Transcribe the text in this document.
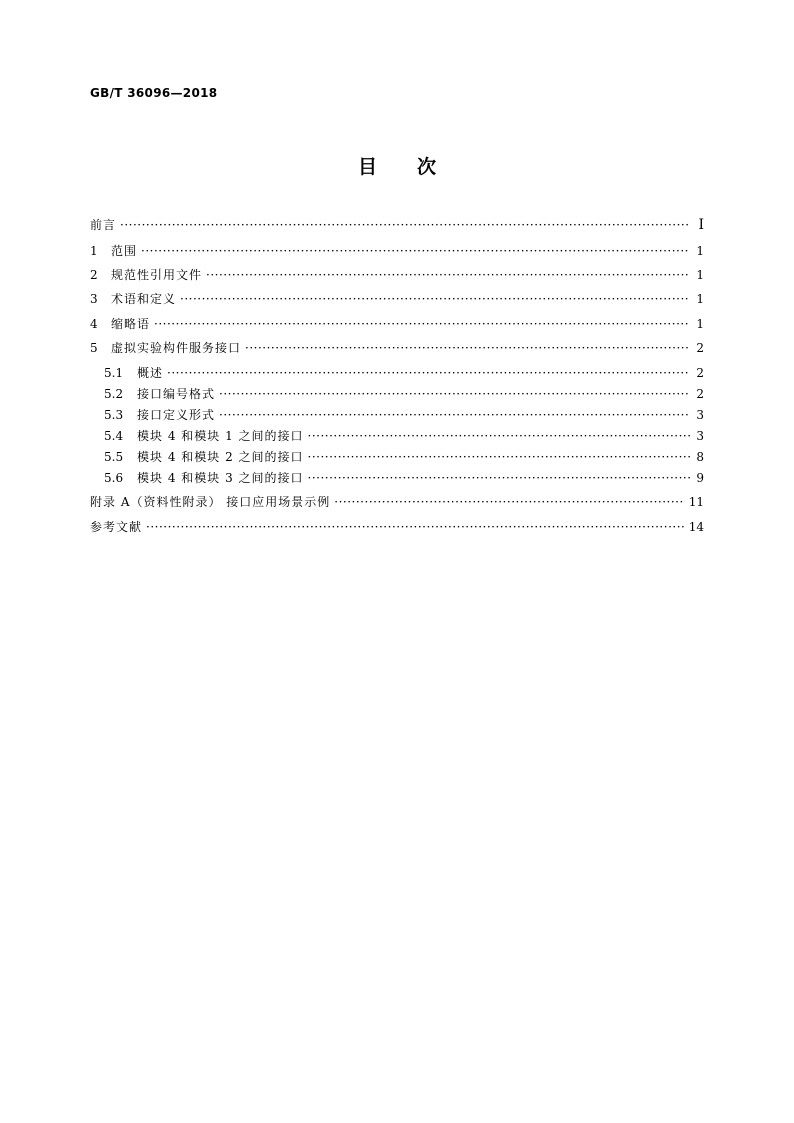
GB/T 36096—2018
目次
前言 ·····	Ⅰ
1	范围 ·····	1
2	规范性引用文件 ·····	1
3	术语和定义 ·····	1
4	缩略语 ·····	1
5	虚拟实验构件服务接口 ·····	2
5.1	概述 ·····	2
5.2	接口编号格式 ·····	2
5.3	接口定义形式 ·····	3
5.4	模块 4 和模块 1 之间的接口 ·····	3
5.5	模块 4 和模块 2 之间的接口 ·····	8
5.6	模块 4 和模块 3 之间的接口 ·····	9
附录 A（资料性附录） 接口应用场景示例 ·····	11
参考文献 ·····	14
